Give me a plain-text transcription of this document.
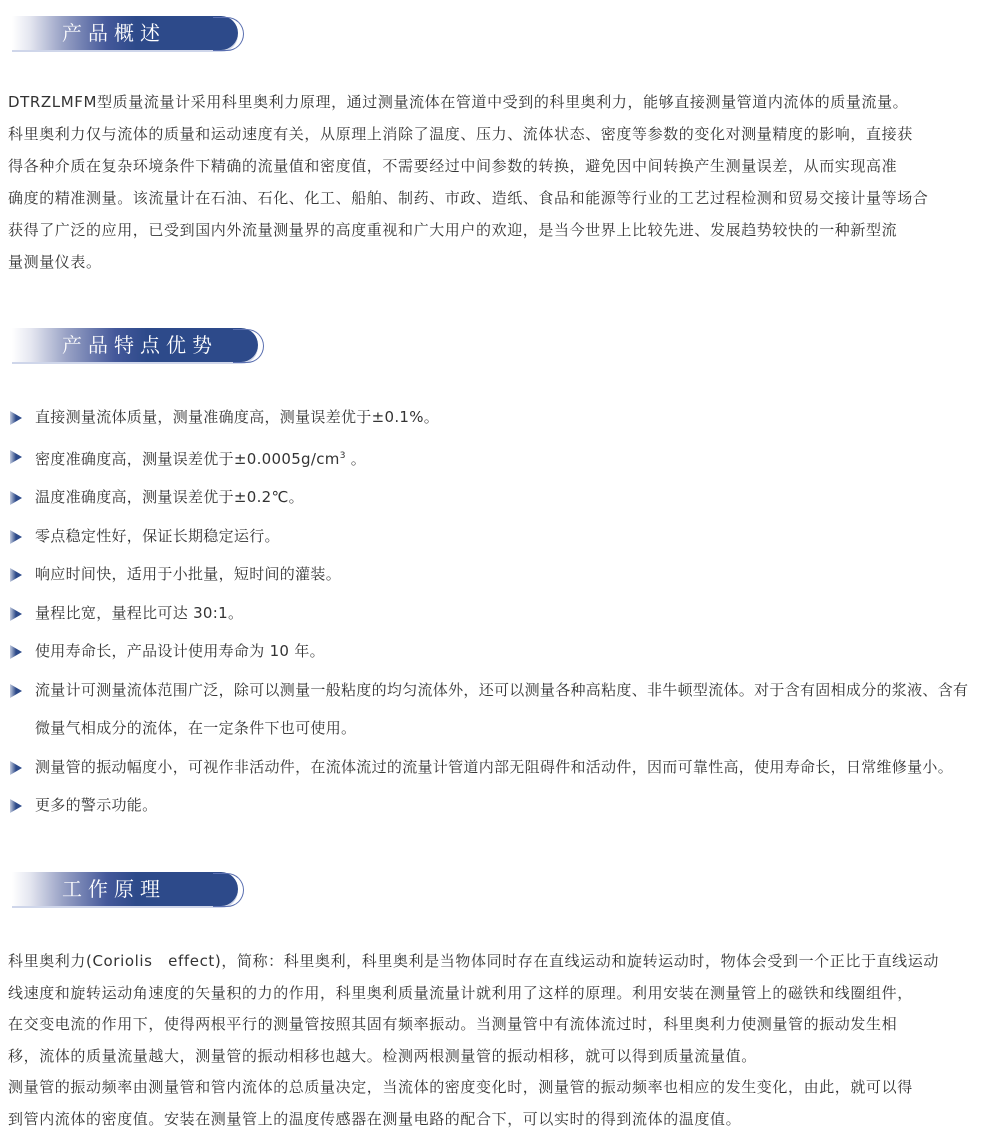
产品概述
DTRZLMFM型质量流量计采用科里奥利力原理，通过测量流体在管道中受到的科里奥利力，能够直接测量管道内流体的质量流量。
科里奥利力仅与流体的质量和运动速度有关，从原理上消除了温度、压力、流体状态、密度等参数的变化对测量精度的影响，直接获
得各种介质在复杂环境条件下精确的流量值和密度值，不需要经过中间参数的转换，避免因中间转换产生测量误差，从而实现高准
确度的精准测量。该流量计在石油、石化、化工、船舶、制药、市政、造纸、食品和能源等行业的工艺过程检测和贸易交接计量等场合
获得了广泛的应用，已受到国内外流量测量界的高度重视和广大用户的欢迎，是当今世界上比较先进、发展趋势较快的一种新型流
量测量仪表。
产品特点优势
直接测量流体质量，测量准确度高，测量误差优于±0.1%。
密度准确度高，测量误差优于$\pm 0.0005g/cm^3$ 。
温度准确度高，测量误差优于±0.2℃。
零点稳定性好，保证长期稳定运行。
响应时间快，适用于小批量，短时间的灌装。
量程比宽，量程比可达 30:1。
使用寿命长，产品设计使用寿命为 10 年。
流量计可测量流体范围广泛，除可以测量一般粘度的均匀流体外，还可以测量各种高粘度、非牛顿型流体。对于含有固相成分的浆液、含有
微量气相成分的流体，在一定条件下也可使用。
测量管的振动幅度小，可视作非活动件，在流体流过的流量计管道内部无阻碍件和活动件，因而可靠性高，使用寿命长，日常维修量小。
更多的警示功能。
工作原理
科里奥利力(Coriolis　effect)，简称：科里奥利，科里奥利是当物体同时存在直线运动和旋转运动时，物体会受到一个正比于直线运动
线速度和旋转运动角速度的矢量积的力的作用，科里奥利质量流量计就利用了这样的原理。利用安装在测量管上的磁铁和线圈组件，
在交变电流的作用下，使得两根平行的测量管按照其固有频率振动。当测量管中有流体流过时，科里奥利力使测量管的振动发生相
移，流体的质量流量越大，测量管的振动相移也越大。检测两根测量管的振动相移，就可以得到质量流量值。
测量管的振动频率由测量管和管内流体的总质量决定，当流体的密度变化时，测量管的振动频率也相应的发生变化，由此，就可以得
到管内流体的密度值。安装在测量管上的温度传感器在测量电路的配合下，可以实时的得到流体的温度值。
